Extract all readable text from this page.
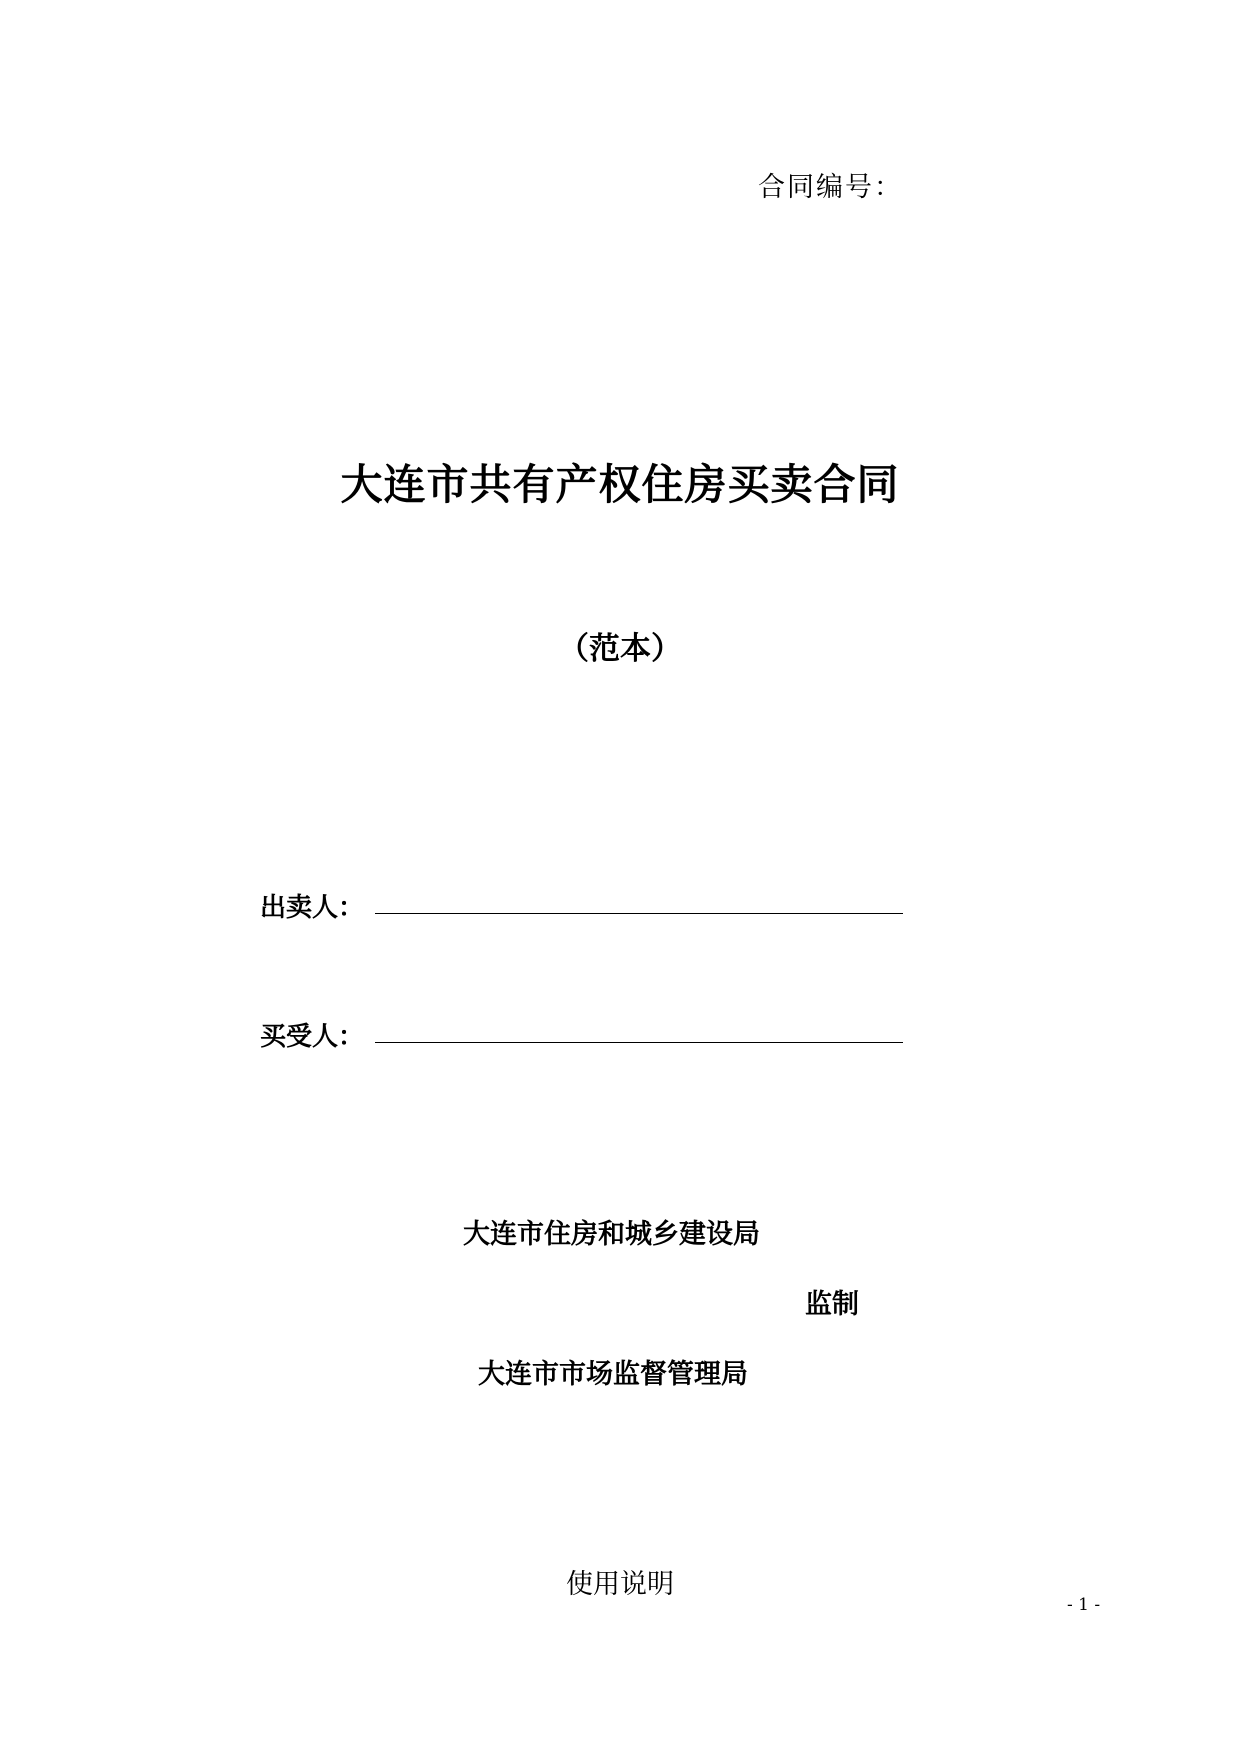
合同编号：
大连市共有产权住房买卖合同
（范本）
出卖人：
买受人：
大连市住房和城乡建设局
监制
大连市市场监督管理局
使用说明
- 1 -
